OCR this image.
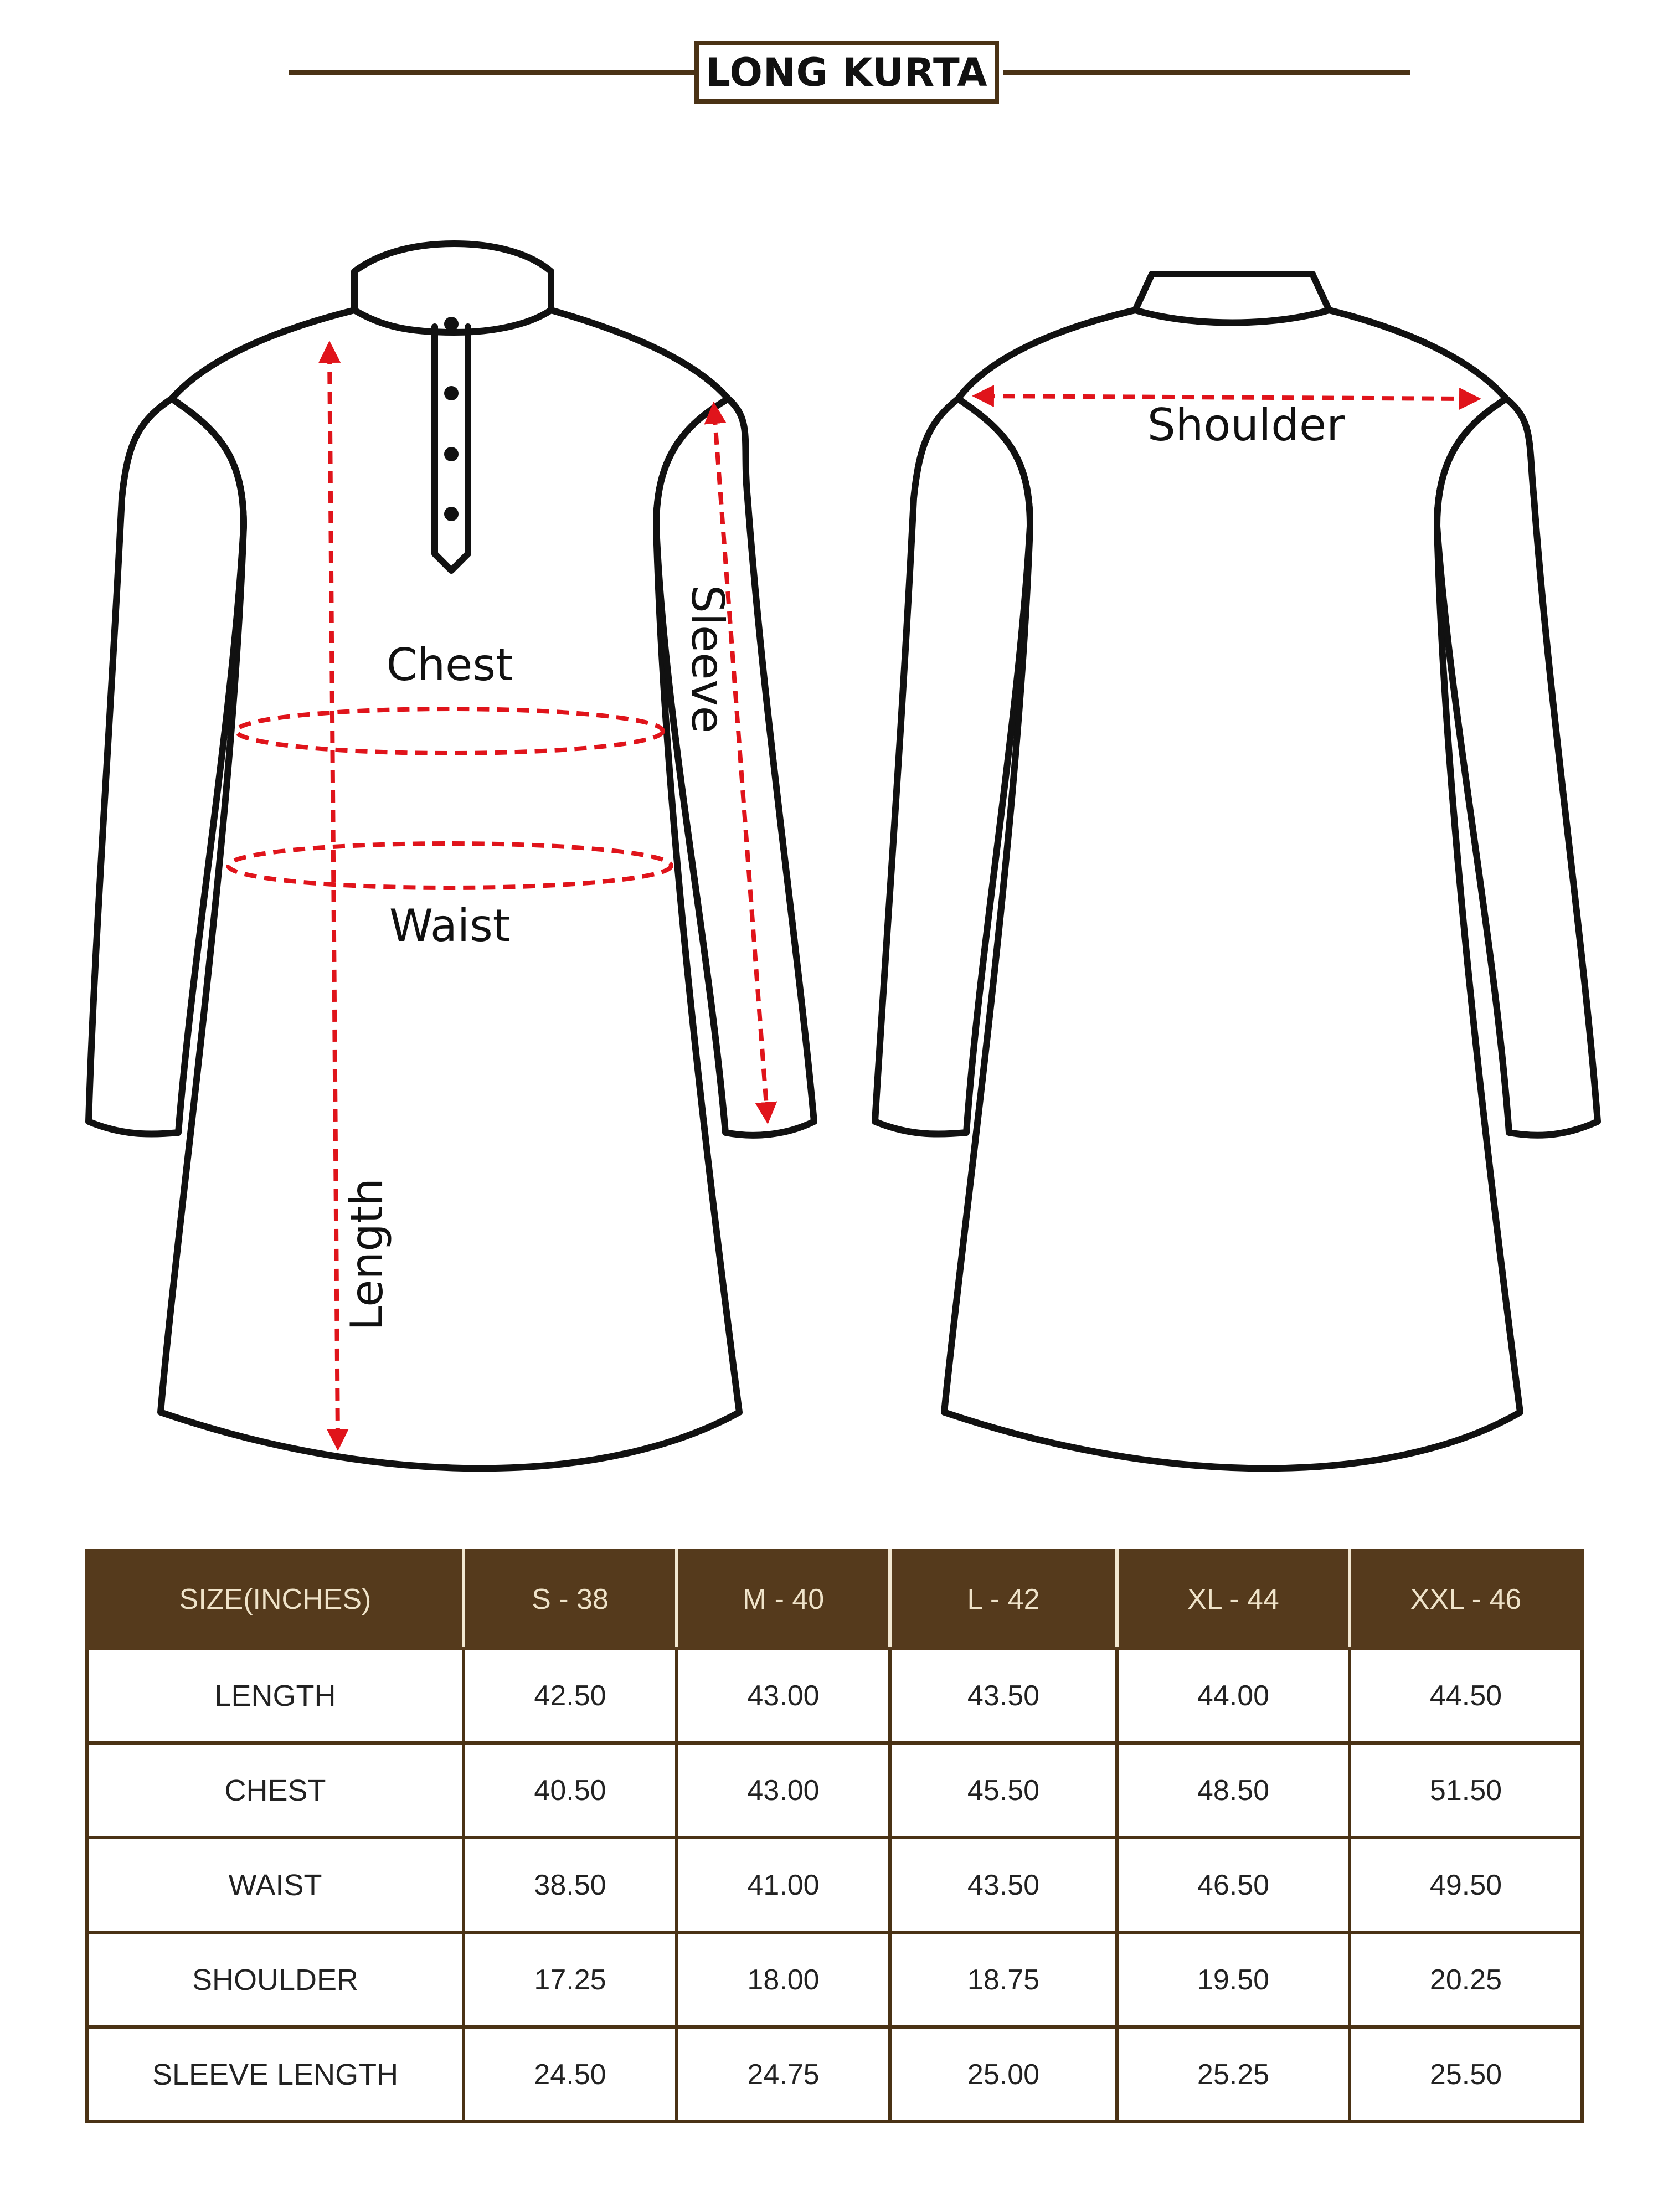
LONG KURTA
Chest
Waist
Shoulder
Sleeve
Length
SIZE(INCHES)	S - 38	M - 40	L - 42	XL - 44	XXL - 46
LENGTH	42.50	43.00	43.50	44.00	44.50
CHEST	40.50	43.00	45.50	48.50	51.50
WAIST	38.50	41.00	43.50	46.50	49.50
SHOULDER	17.25	18.00	18.75	19.50	20.25
SLEEVE LENGTH	24.50	24.75	25.00	25.25	25.50
